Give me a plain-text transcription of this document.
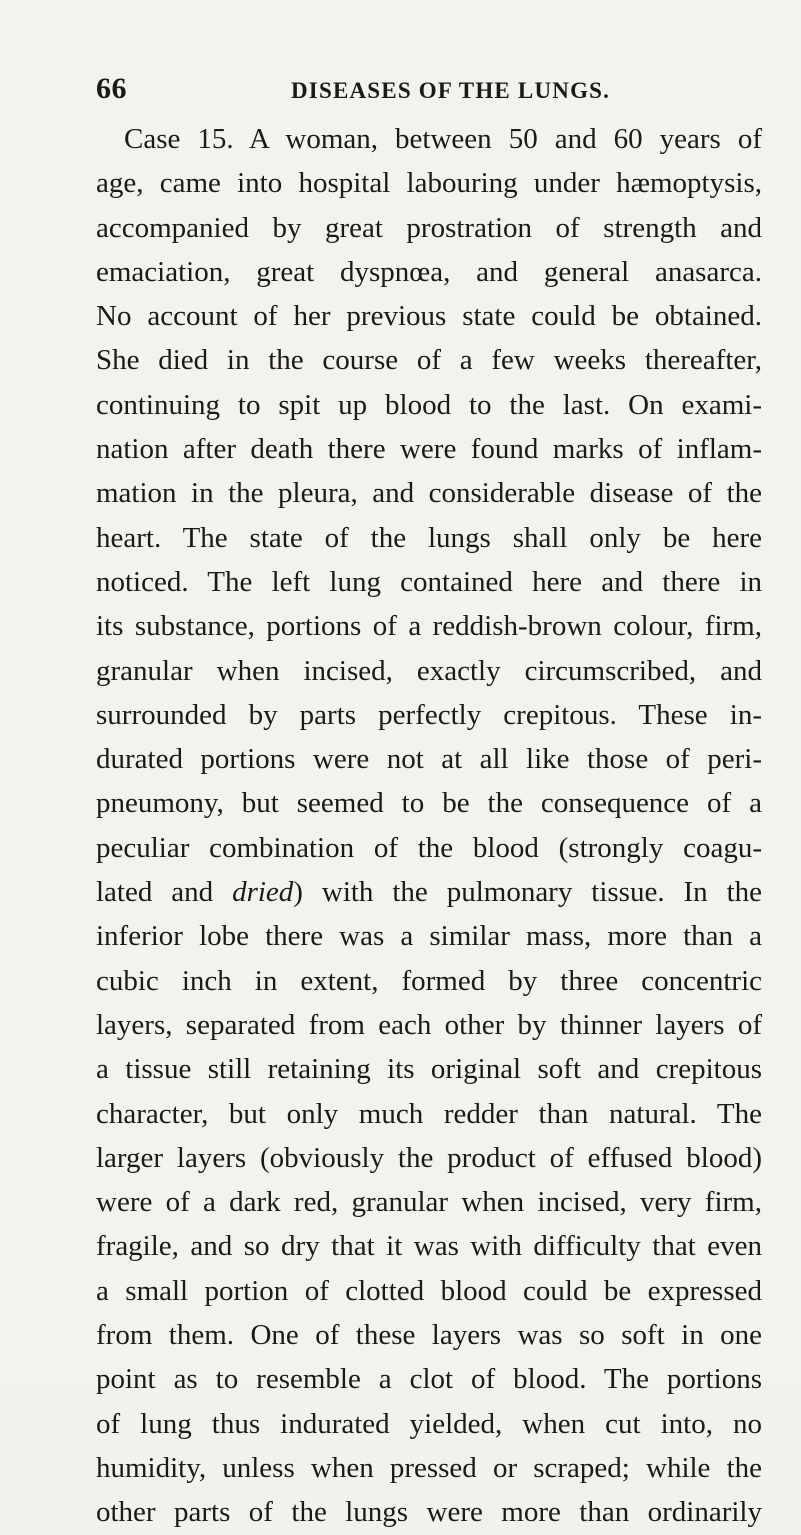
66	DISEASES OF THE LUNGS.
Case 15. A woman, between 50 and 60 years of
age, came into hospital labouring under hæmoptysis,
accompanied by great prostration of strength and
emaciation, great dyspnœa, and general anasarca.
No account of her previous state could be obtained.
She died in the course of a few weeks thereafter,
continuing to spit up blood to the last. On exami-
nation after death there were found marks of inflam-
mation in the pleura, and considerable disease of the
heart. The state of the lungs shall only be here
noticed. The left lung contained here and there in
its substance, portions of a reddish-brown colour, firm,
granular when incised, exactly circumscribed, and
surrounded by parts perfectly crepitous. These in-
durated portions were not at all like those of peri-
pneumony, but seemed to be the consequence of a
peculiar combination of the blood (strongly coagu-
lated and dried) with the pulmonary tissue. In the
inferior lobe there was a similar mass, more than a
cubic inch in extent, formed by three concentric
layers, separated from each other by thinner layers of
a tissue still retaining its original soft and crepitous
character, but only much redder than natural. The
larger layers (obviously the product of effused blood)
were of a dark red, granular when incised, very firm,
fragile, and so dry that it was with difficulty that even
a small portion of clotted blood could be expressed
from them. One of these layers was so soft in one
point as to resemble a clot of blood. The portions
of lung thus indurated yielded, when cut into, no
humidity, unless when pressed or scraped; while the
other parts of the lungs were more than ordinarily
